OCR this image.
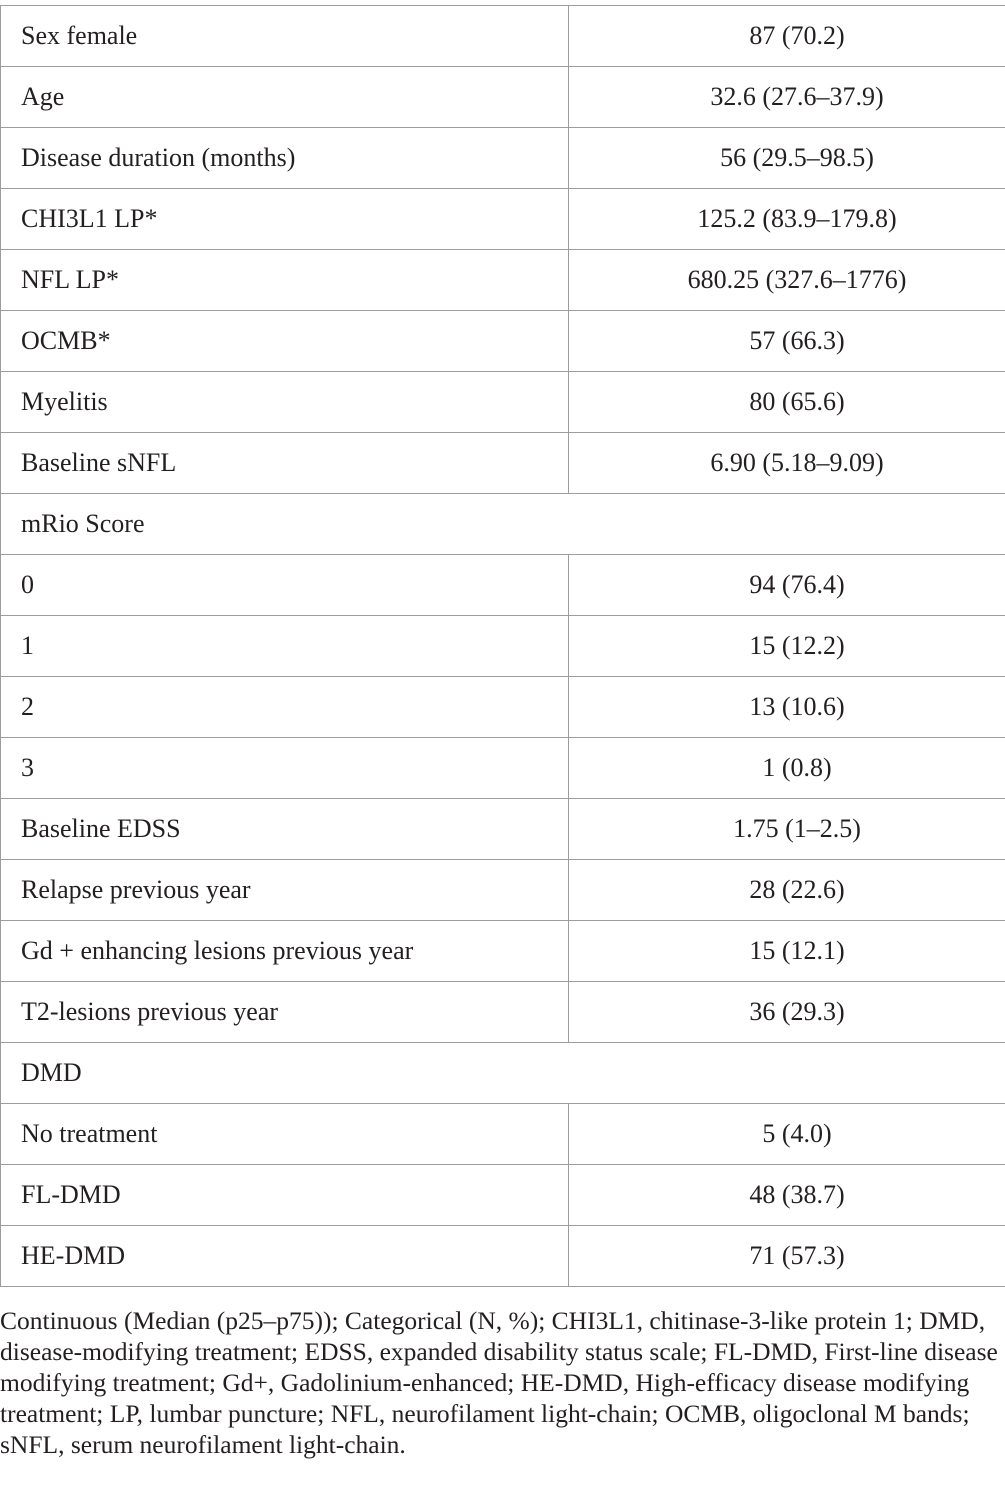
Sex female	87 (70.2)
Age	32.6 (27.6–37.9)
Disease duration (months)	56 (29.5–98.5)
CHI3L1 LP*	125.2 (83.9–179.8)
NFL LP*	680.25 (327.6–1776)
OCMB*	57 (66.3)
Myelitis	80 (65.6)
Baseline sNFL	6.90 (5.18–9.09)
mRio Score	
0	94 (76.4)
1	15 (12.2)
2	13 (10.6)
3	1 (0.8)
Baseline EDSS	1.75 (1–2.5)
Relapse previous year	28 (22.6)
Gd + enhancing lesions previous year	15 (12.1)
T2-lesions previous year	36 (29.3)
DMD	
No treatment	5 (4.0)
FL-DMD	48 (38.7)
HE-DMD	71 (57.3)
Continuous (Median (p25–p75)); Categorical (N, %); CHI3L1, chitinase-3-like protein 1; DMD, disease-modifying treatment; EDSS, expanded disability status scale; FL-DMD, First-line disease modifying treatment; Gd+, Gadolinium-enhanced; HE-DMD, High-efficacy disease modifying treatment; LP, lumbar puncture; NFL, neurofilament light-chain; OCMB, oligoclonal M bands; sNFL, serum neurofilament light-chain.
